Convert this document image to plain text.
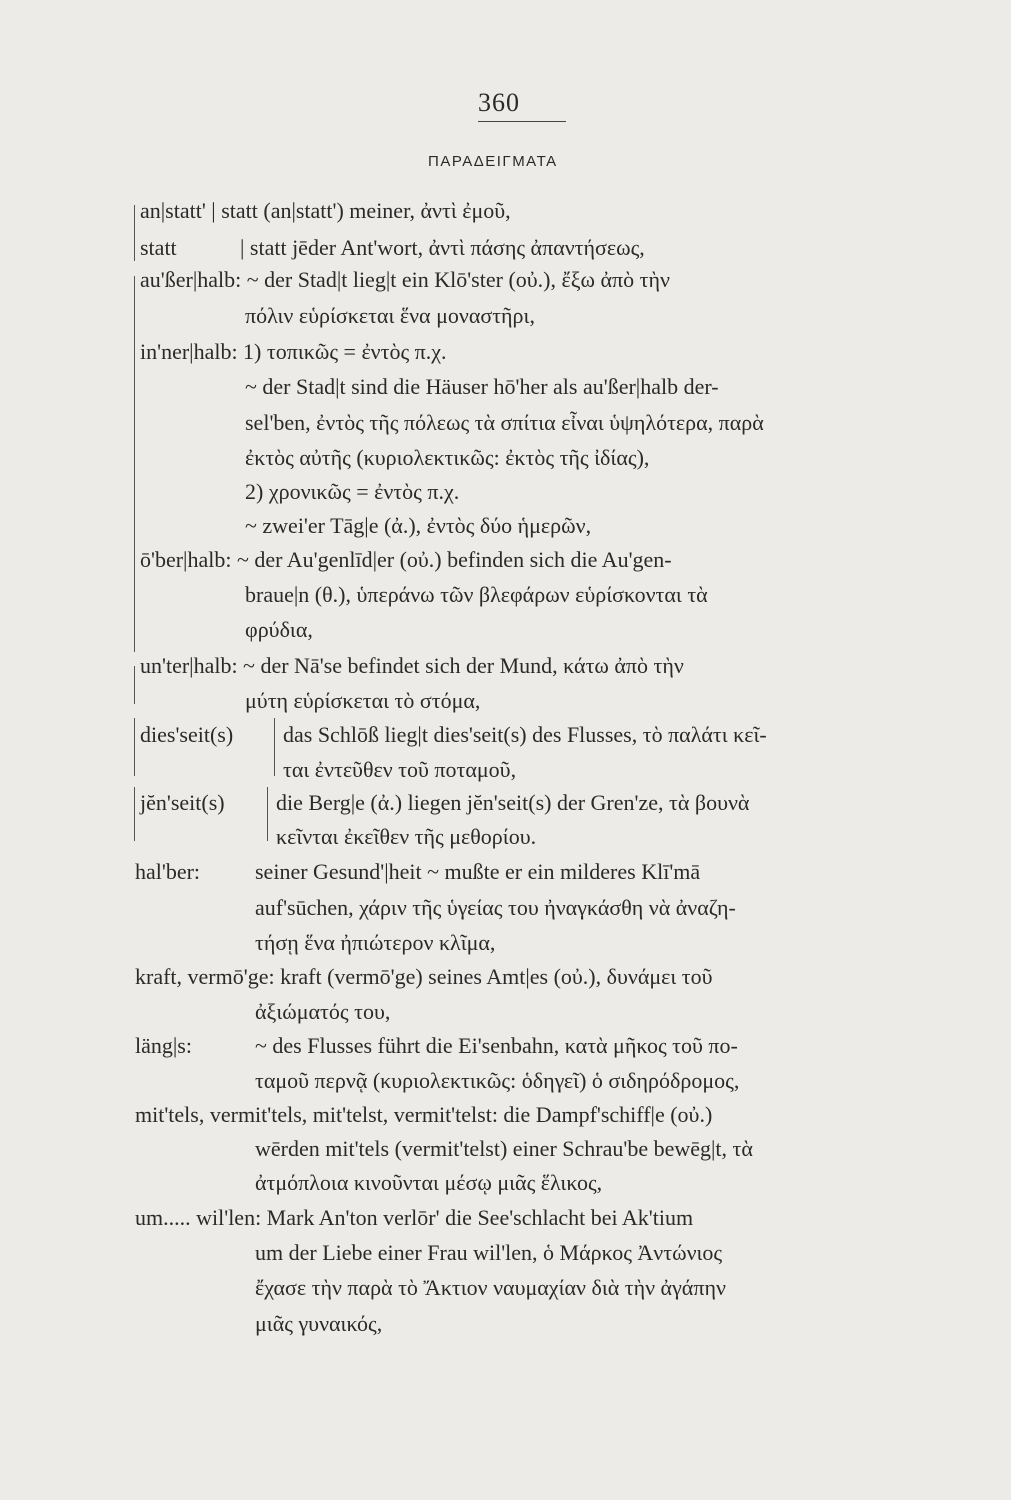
360
ΠΑΡΑΔΕΙΓΜΑΤΑ
an|statt' | statt (an|statt') meiner, ἀντὶ ἐμοῦ,
statt	| statt jēder Ant'wort, ἀντὶ πάσης ἀπαντήσεως,
au'ßer|halb: ~ der Stad|t lieg|t ein Klō'ster (οὐ.), ἔξω ἀπὸ τὴν
πόλιν εὑρίσκεται ἕνα μοναστῆρι,
in'ner|halb: 1) τοπικῶς = ἐντὸς π.χ.
~ der Stad|t sind die Häuser hō'her als au'ßer|halb der-
sel'ben, ἐντὸς τῆς πόλεως τὰ σπίτια εἶναι ὑψηλότερα, παρὰ
ἐκτὸς αὐτῆς (κυριολεκτικῶς: ἐκτὸς τῆς ἰδίας),
2) χρονικῶς = ἐντὸς π.χ.
~ zwei'er Tāg|e (ἀ.), ἐντὸς δύο ἡμερῶν,
ō'ber|halb: ~ der Au'genlīd|er (οὐ.) befinden sich die Au'gen-
braue|n (θ.), ὑπεράνω τῶν βλεφάρων εὑρίσκονται τὰ
φρύδια,
un'ter|halb: ~ der Nā'se befindet sich der Mund, κάτω ἀπὸ τὴν
μύτη εὑρίσκεται τὸ στόμα,
dies'seit(s) das Schlōß lieg|t dies'seit(s) des Flusses, τὸ παλάτι κεῖ-
ται ἐντεῦθεν τοῦ ποταμοῦ,
jĕn'seit(s) die Berg|e (ἀ.) liegen jĕn'seit(s) der Gren'ze, τὰ βουνὰ
κεῖνται ἐκεῖθεν τῆς μεθορίου.
hal'ber: seiner Gesund'|heit ~ mußte er ein milderes Klī'mā
auf'sūchen, χάριν τῆς ὑγείας του ἠναγκάσθη νὰ ἀναζη-
τήσῃ ἕνα ἠπιώτερον κλῖμα,
kraft, vermō'ge: kraft (vermō'ge) seines Amt|es (οὐ.), δυνάμει τοῦ
ἀξιώματός του,
läng|s:	~ des Flusses führt die Ei'senbahn, κατὰ μῆκος τοῦ πο-
ταμοῦ περνᾷ (κυριολεκτικῶς: ὁδηγεῖ) ὁ σιδηρόδρομος,
mit'tels, vermit'tels, mit'telst, vermit'telst: die Dampf'schiff|e (οὐ.)
wērden mit'tels (vermit'telst) einer Schrau'be bewēg|t, τὰ
ἀτμόπλοια κινοῦνται μέσῳ μιᾶς ἕλικος,
um..... wil'len: Mark An'ton verlōr' die See'schlacht bei Ak'tium
um der Liebe einer Frau wil'len, ὁ Μάρκος Ἀντώνιος
ἔχασε τὴν παρὰ τὸ Ἄκτιον ναυμαχίαν διὰ τὴν ἀγάπην
μιᾶς γυναικός,
